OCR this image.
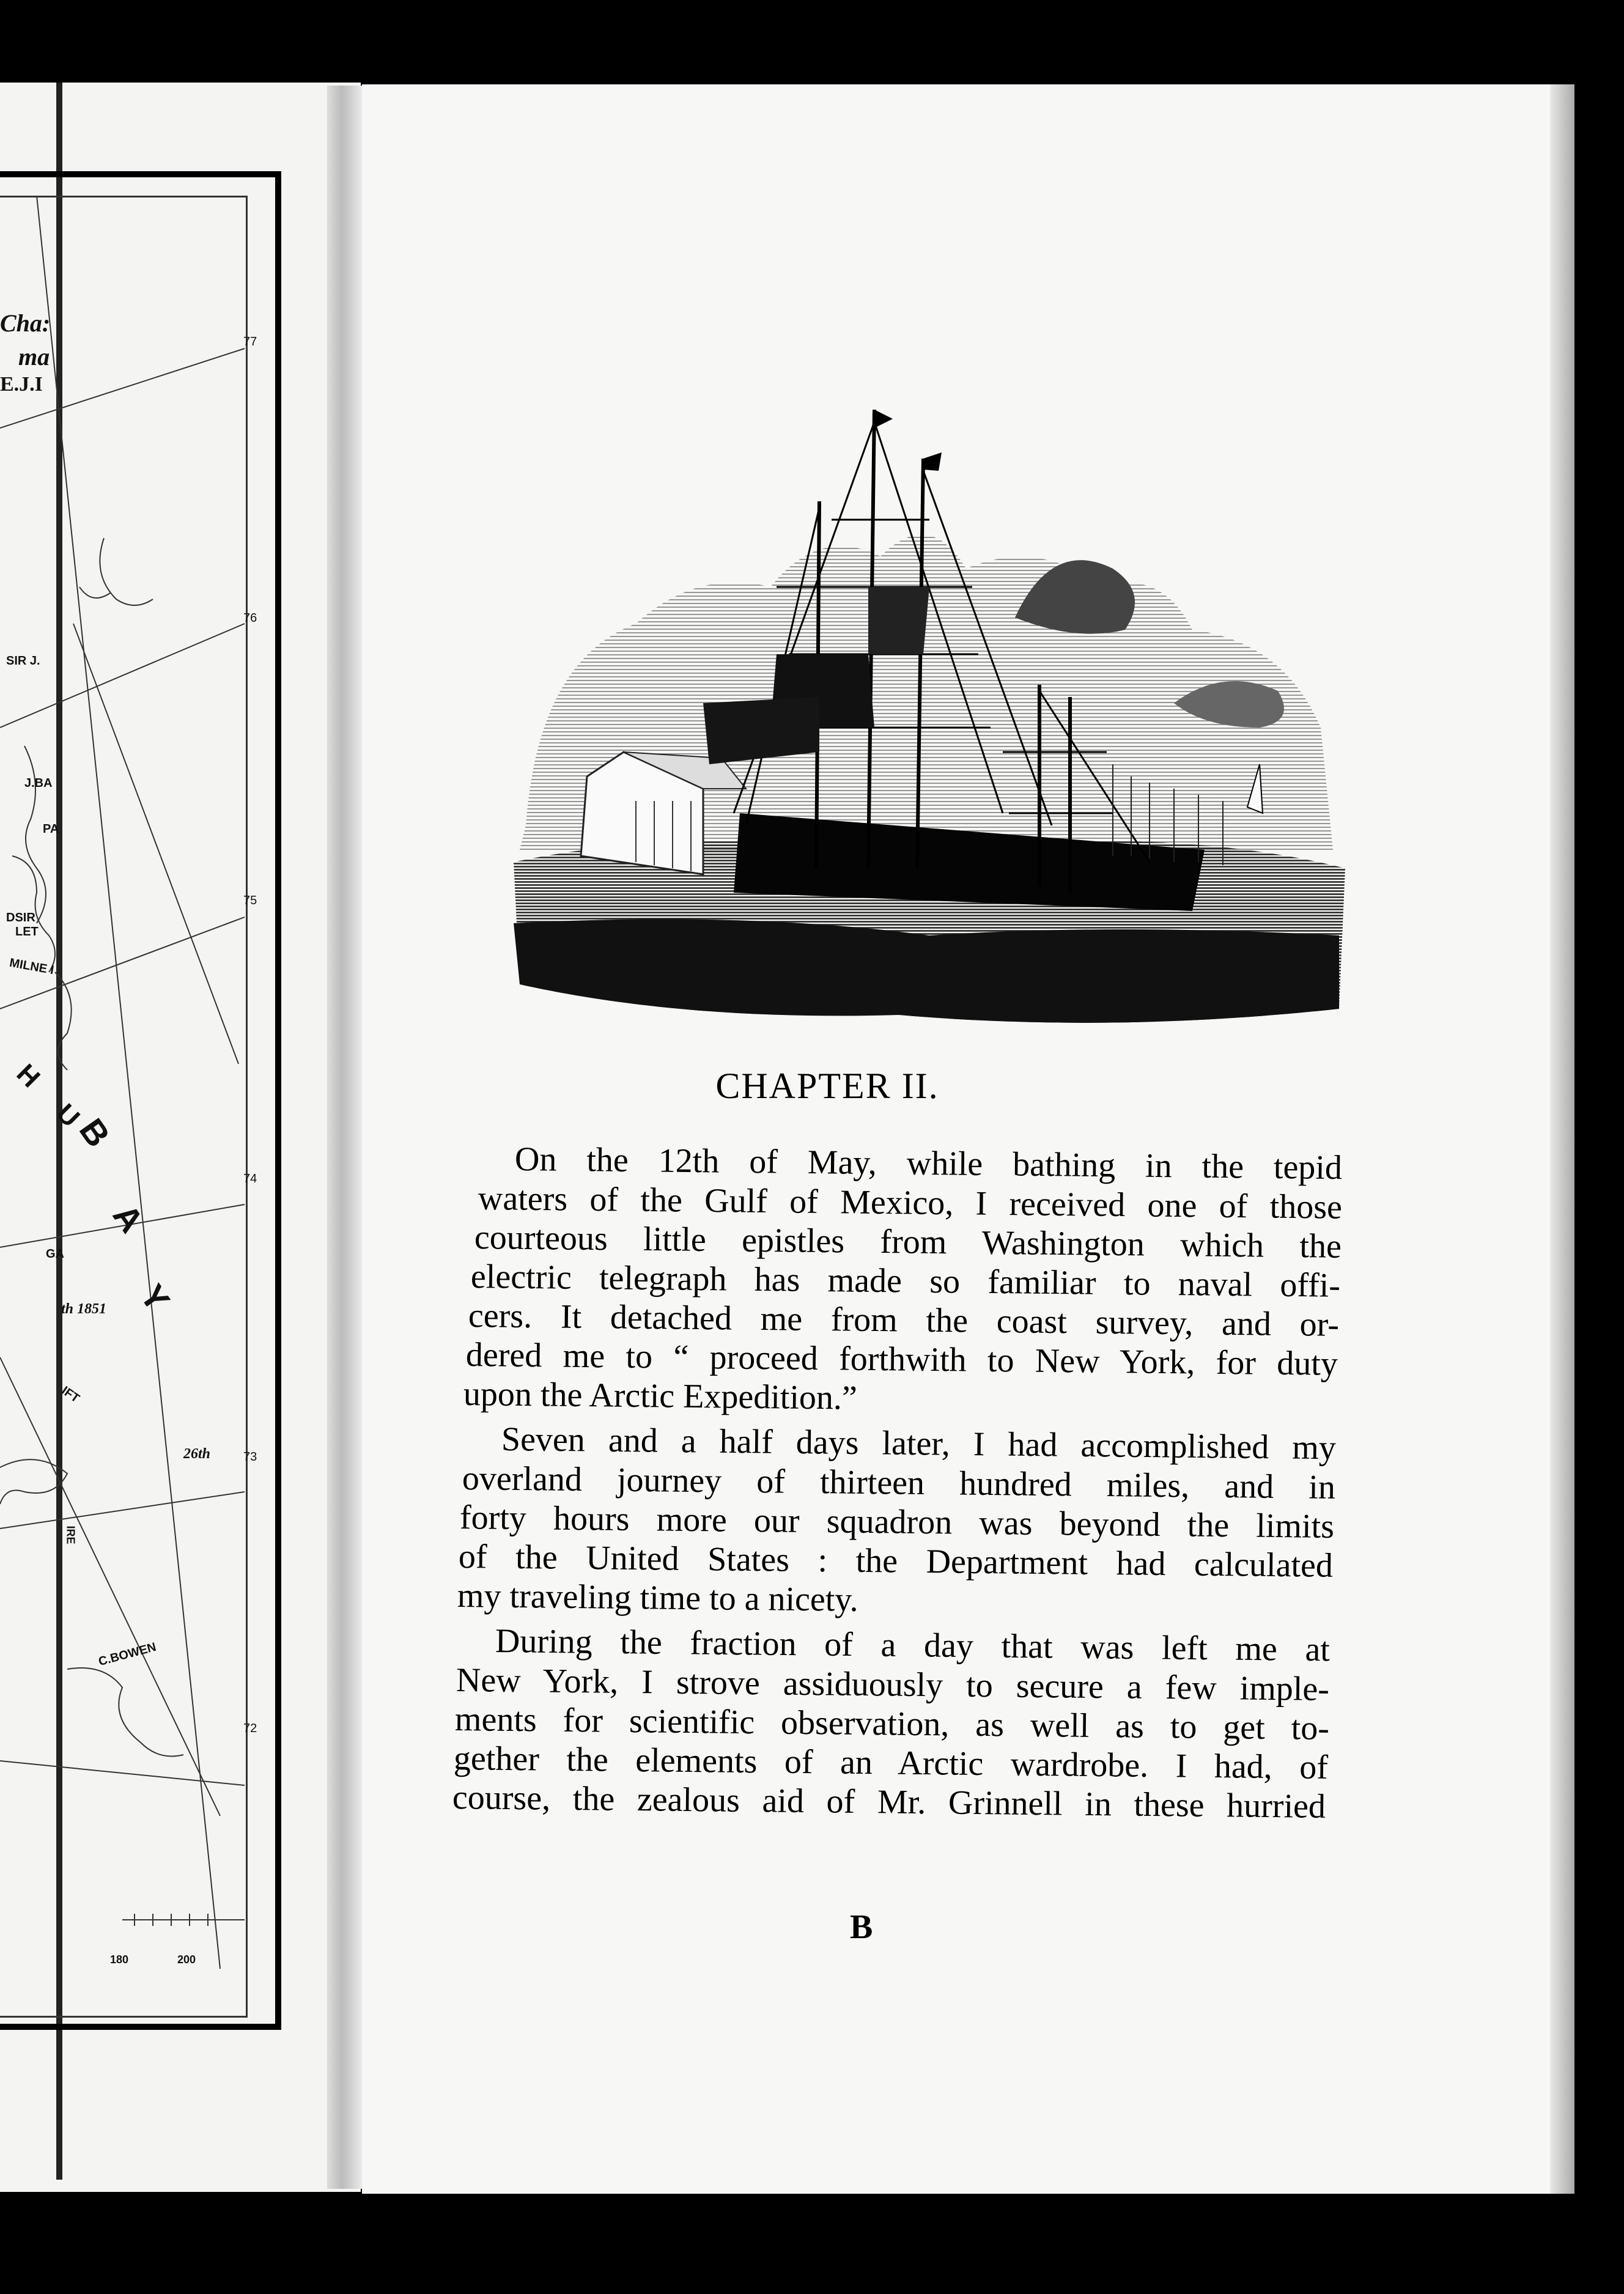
Cha:
ma
E.J.I
77
76
75
74
73
72
SIR J.
J.BA
PA
DSIR
LET
MILNE I
GA
th 1851
IFT
26th
IRE
C.BOWEN
H
U
B
A
Y
180	200
CHAPTER II.
On the 12th of May, while bathing in the tepid
waters of the Gulf of Mexico, I received one of those
courteous little epistles from Washington which the
electric telegraph has made so familiar to naval offi-
cers. It detached me from the coast survey, and or-
dered me to “ proceed forthwith to New York, for duty
upon the Arctic Expedition.”
Seven and a half days later, I had accomplished my
overland journey of thirteen hundred miles, and in
forty hours more our squadron was beyond the limits
of the United States : the Department had calculated
my traveling time to a nicety.
During the fraction of a day that was left me at
New York, I strove assiduously to secure a few imple-
ments for scientific observation, as well as to get to-
gether the elements of an Arctic wardrobe. I had, of
course, the zealous aid of Mr. Grinnell in these hurried
B
